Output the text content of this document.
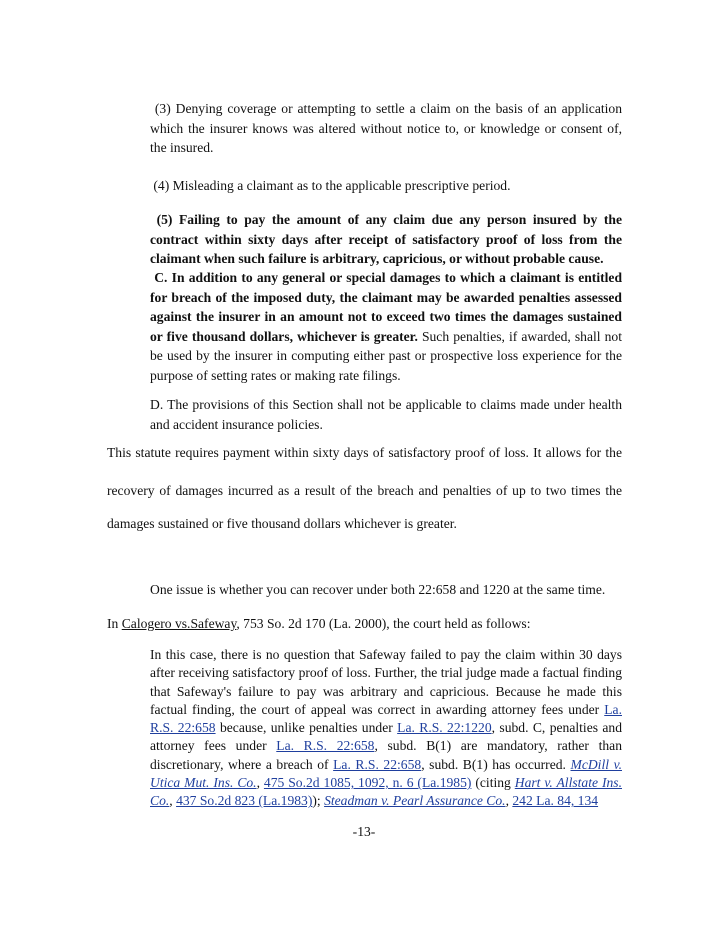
(3) Denying coverage or attempting to settle a claim on the basis of an application which the insurer knows was altered without notice to, or knowledge or consent of, the insured.

(4) Misleading a claimant as to the applicable prescriptive period.

(5) Failing to pay the amount of any claim due any person insured by the contract within sixty days after receipt of satisfactory proof of loss from the claimant when such failure is arbitrary, capricious, or without probable cause.

C. In addition to any general or special damages to which a claimant is entitled for breach of the imposed duty, the claimant may be awarded penalties assessed against the insurer in an amount not to exceed two times the damages sustained or five thousand dollars, whichever is greater. Such penalties, if awarded, shall not be used by the insurer in computing either past or prospective loss experience for the purpose of setting rates or making rate filings.

D. The provisions of this Section shall not be applicable to claims made under health and accident insurance policies.

This statute requires payment within sixty days of satisfactory proof of loss. It allows for the

recovery of damages incurred as a result of the breach and penalties of up to two times the

damages sustained or five thousand dollars whichever is greater.

One issue is whether you can recover under both 22:658 and 1220 at the same time.

In Calogero vs.Safeway, 753 So. 2d 170 (La. 2000), the court held as follows:

In this case, there is no question that Safeway failed to pay the claim within 30 days after receiving satisfactory proof of loss. Further, the trial judge made a factual finding that Safeway's failure to pay was arbitrary and capricious. Because he made this factual finding, the court of appeal was correct in awarding attorney fees under La. R.S. 22:658 because, unlike penalties under La. R.S. 22:1220, subd. C, penalties and attorney fees under La. R.S. 22:658, subd. B(1) are mandatory, rather than discretionary, where a breach of La. R.S. 22:658, subd. B(1) has occurred. McDill v. Utica Mut. Ins. Co., 475 So.2d 1085, 1092, n. 6 (La.1985) (citing Hart v. Allstate Ins. Co., 437 So.2d 823 (La.1983)); Steadman v. Pearl Assurance Co., 242 La. 84, 134

-13-
